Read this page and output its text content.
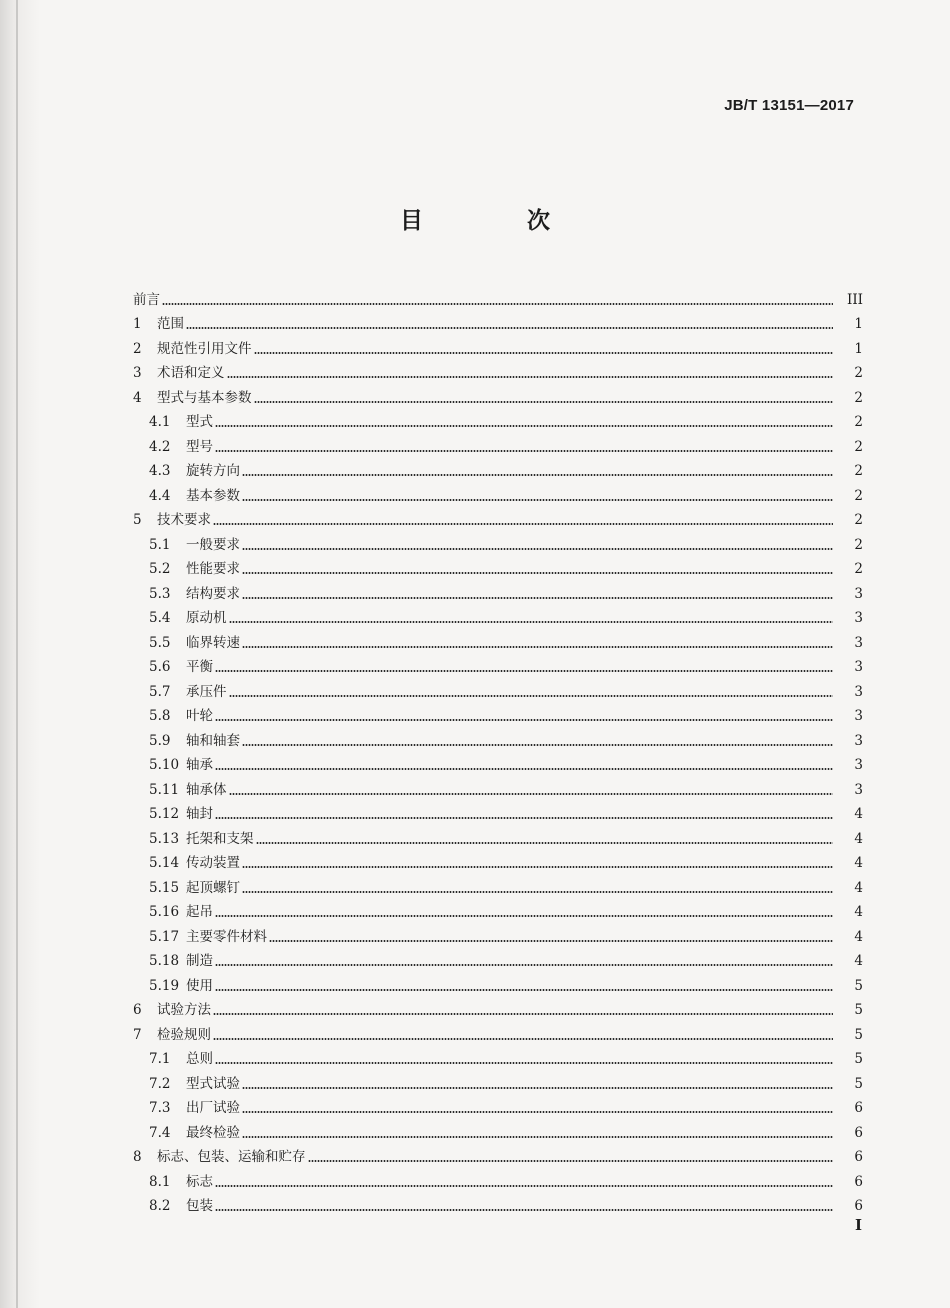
JB/T 13151—2017
目 次
前言	III
1	范围	1
2	规范性引用文件	1
3	术语和定义	2
4	型式与基本参数	2
4.1	型式	2
4.2	型号	2
4.3	旋转方向	2
4.4	基本参数	2
5	技术要求	2
5.1	一般要求	2
5.2	性能要求	2
5.3	结构要求	3
5.4	原动机	3
5.5	临界转速	3
5.6	平衡	3
5.7	承压件	3
5.8	叶轮	3
5.9	轴和轴套	3
5.10 轴承	3
5.11 轴承体	3
5.12 轴封	4
5.13 托架和支架	4
5.14 传动装置	4
5.15 起顶螺钉	4
5.16 起吊	4
5.17 主要零件材料	4
5.18 制造	4
5.19 使用	5
6	试验方法	5
7	检验规则	5
7.1	总则	5
7.2	型式试验	5
7.3	出厂试验	6
7.4	最终检验	6
8	标志、包装、运输和贮存	6
8.1	标志	6
8.2	包装	6
I
